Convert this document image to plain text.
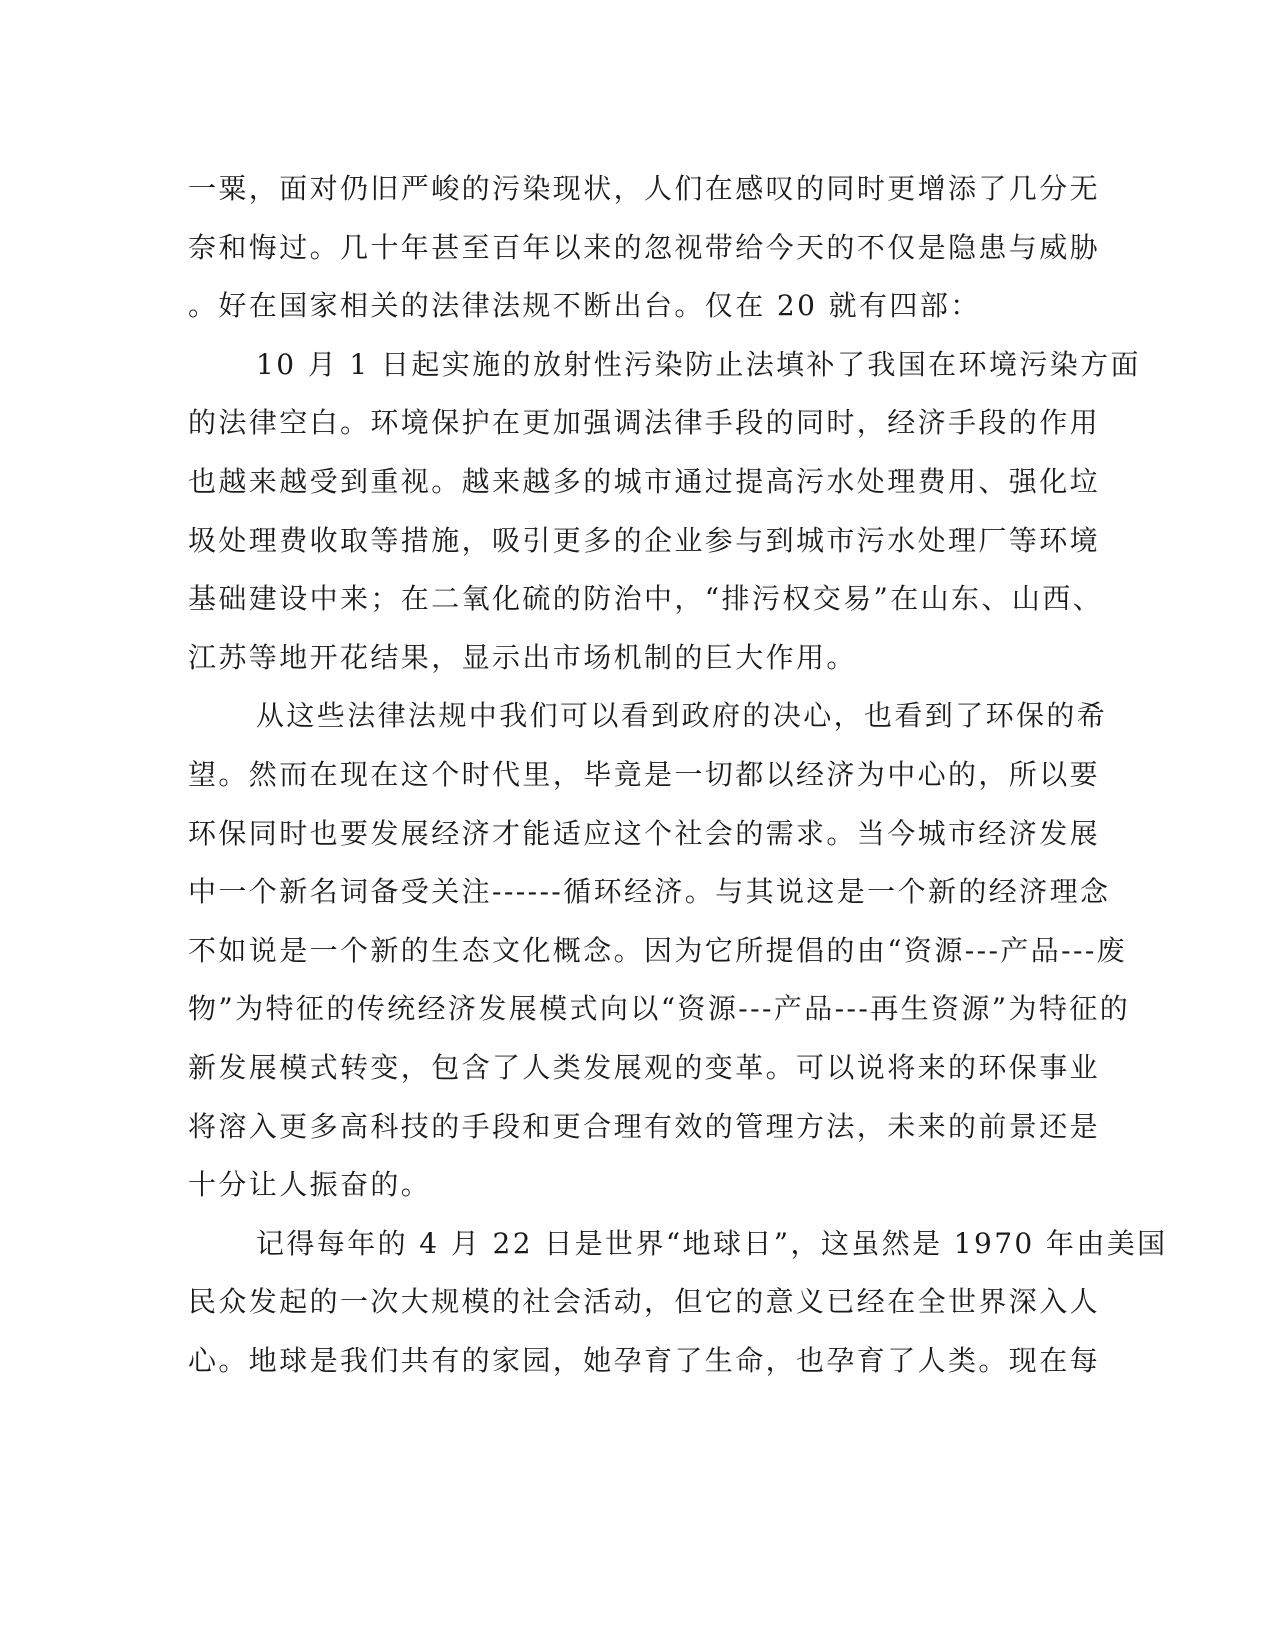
一粟，面对仍旧严峻的污染现状，人们在感叹的同时更增添了几分无
奈和悔过。几十年甚至百年以来的忽视带给今天的不仅是隐患与威胁
。好在国家相关的法律法规不断出台。仅在 20 就有四部：
10 月 1 日起实施的放射性污染防止法填补了我国在环境污染方面
的法律空白。环境保护在更加强调法律手段的同时，经济手段的作用
也越来越受到重视。越来越多的城市通过提高污水处理费用、强化垃
圾处理费收取等措施，吸引更多的企业参与到城市污水处理厂等环境
基础建设中来；在二氧化硫的防治中，“排污权交易”在山东、山西、
江苏等地开花结果，显示出市场机制的巨大作用。
从这些法律法规中我们可以看到政府的决心，也看到了环保的希
望。然而在现在这个时代里，毕竟是一切都以经济为中心的，所以要
环保同时也要发展经济才能适应这个社会的需求。当今城市经济发展
中一个新名词备受关注------循环经济。与其说这是一个新的经济理念
不如说是一个新的生态文化概念。因为它所提倡的由“资源---产品---废
物”为特征的传统经济发展模式向以“资源---产品---再生资源”为特征的
新发展模式转变，包含了人类发展观的变革。可以说将来的环保事业
将溶入更多高科技的手段和更合理有效的管理方法，未来的前景还是
十分让人振奋的。
记得每年的 4 月 22 日是世界“地球日”，这虽然是 1970 年由美国
民众发起的一次大规模的社会活动，但它的意义已经在全世界深入人
心。地球是我们共有的家园，她孕育了生命，也孕育了人类。现在每
